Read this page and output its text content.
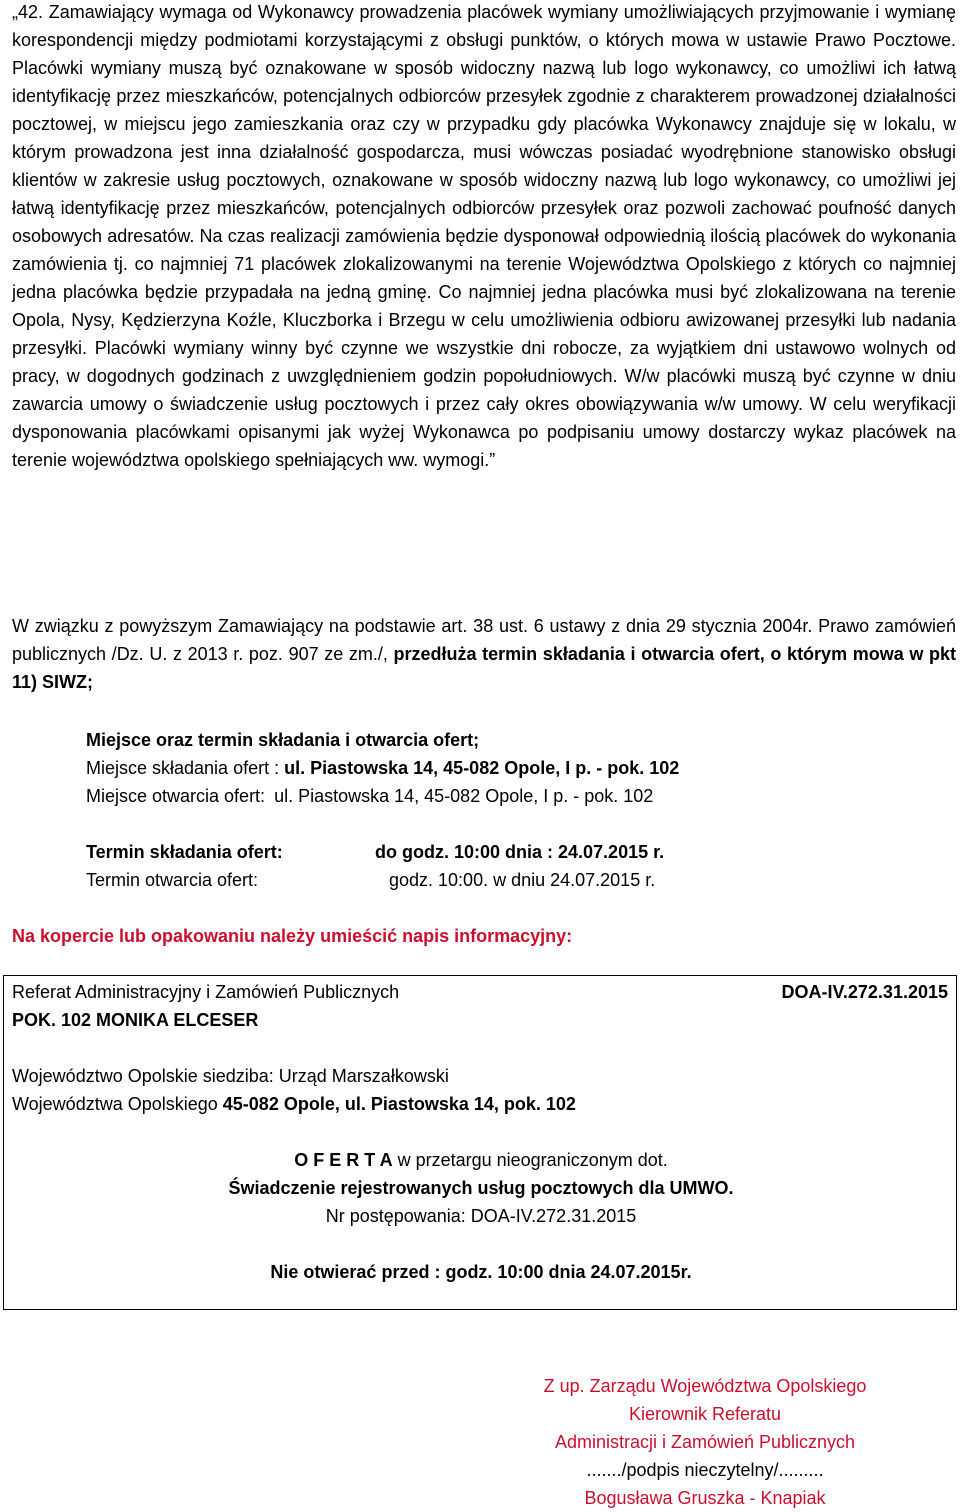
„42. Zamawiający wymaga od Wykonawcy prowadzenia placówek wymiany umożliwiających przyjmowanie i wymianę korespondencji między podmiotami korzystającymi z obsługi punktów, o których mowa w ustawie Prawo Pocztowe. Placówki wymiany muszą być oznakowane w sposób widoczny nazwą lub logo wykonawcy, co umożliwi ich łatwą identyfikację przez mieszkańców, potencjalnych odbiorców przesyłek zgodnie z charakterem prowadzonej działalności pocztowej, w miejscu jego zamieszkania oraz czy w przypadku gdy placówka Wykonawcy znajduje się w lokalu, w którym prowadzona jest inna działalność gospodarcza, musi wówczas posiadać wyodrębnione stanowisko obsługi klientów w zakresie usług pocztowych, oznakowane w sposób widoczny nazwą lub logo wykonawcy, co umożliwi jej łatwą identyfikację przez mieszkańców, potencjalnych odbiorców przesyłek oraz pozwoli zachować poufność danych osobowych adresatów. Na czas realizacji zamówienia będzie dysponował odpowiednią ilością placówek do wykonania zamówienia tj. co najmniej 71 placówek zlokalizowanymi na terenie Województwa Opolskiego z których co najmniej jedna placówka będzie przypadała na jedną gminę. Co najmniej jedna placówka musi być zlokalizowana na terenie Opola, Nysy, Kędzierzyna Koźle, Kluczborka i Brzegu w celu umożliwienia odbioru awizowanej przesyłki lub nadania przesyłki. Placówki wymiany winny być czynne we wszystkie dni robocze, za wyjątkiem dni ustawowo wolnych od pracy, w dogodnych godzinach z uwzględnieniem godzin popołudniowych. W/w placówki muszą być czynne w dniu zawarcia umowy o świadczenie usług pocztowych i przez cały okres obowiązywania w/w umowy. W celu weryfikacji dysponowania placówkami opisanymi jak wyżej Wykonawca po podpisaniu umowy dostarczy wykaz placówek na terenie województwa opolskiego spełniających ww. wymogi.”

W związku z powyższym Zamawiający na podstawie art. 38 ust. 6 ustawy z dnia 29 stycznia 2004r. Prawo zamówień publicznych /Dz. U. z 2013 r. poz. 907 ze zm./, przedłuża termin składania i otwarcia ofert, o którym mowa w pkt 11) SIWZ;

Miejsce oraz termin składania i otwarcia ofert;
Miejsce składania ofert : ul. Piastowska 14, 45-082 Opole, I p. - pok. 102
Miejsce otwarcia ofert: ul. Piastowska 14, 45-082 Opole, I p. - pok. 102
Termin składania ofert:	do godz. 10:00 dnia : 24.07.2015 r.
Termin otwarcia ofert:	godz. 10:00. w dniu 24.07.2015 r.
Na kopercie lub opakowaniu należy umieścić napis informacyjny:
Referat Administracyjny i Zamówień Publicznych	DOA-IV.272.31.2015
POK. 102 MONIKA ELCESER
Województwo Opolskie siedziba: Urząd Marszałkowski
Województwa Opolskiego 45-082 Opole, ul. Piastowska 14, pok. 102
O F E R T A w przetargu nieograniczonym dot.
Świadczenie rejestrowanych usług pocztowych dla UMWO.
Nr postępowania: DOA-IV.272.31.2015
Nie otwierać przed : godz. 10:00 dnia 24.07.2015r.
Z up. Zarządu Województwa Opolskiego
Kierownik Referatu
Administracji i Zamówień Publicznych
......./podpis nieczytelny/.........
Bogusława Gruszka - Knapiak
